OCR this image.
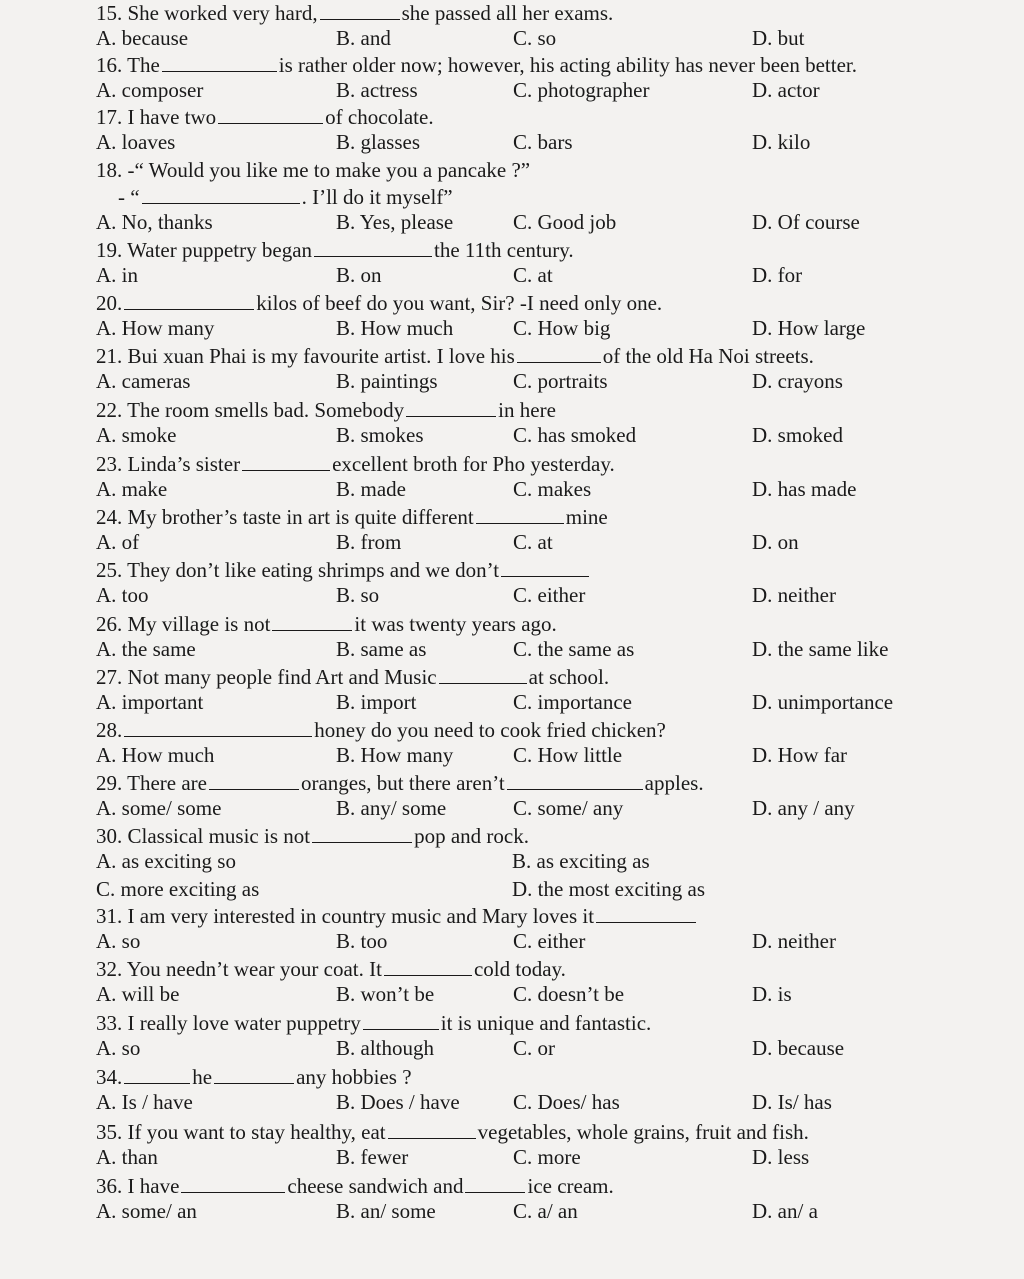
15. She worked very hard,	she passed all her exams.
A. because	B. and	C. so	D. but
16. The	is rather older now; however, his acting ability has never been better.
A. composer	B. actress	C. photographer	D. actor
17. I have two	of chocolate.
A. loaves	B. glasses	C. bars	D. kilo
18. -“ Would you like me to make you a pancake ?”
- “	. I’ll do it myself”
A. No, thanks	B. Yes, please	C. Good job	D. Of course
19. Water puppetry began	the 11th century.
A. in	B. on	C. at	D. for
20.	kilos of beef do you want, Sir? -I need only one.
A. How many	B. How much	C. How big	D. How large
21. Bui xuan Phai is my favourite artist. I love his	of the old Ha Noi streets.
A. cameras	B. paintings	C. portraits	D. crayons
22. The room smells bad. Somebody	in here
A. smoke	B. smokes	C. has smoked	D. smoked
23. Linda’s sister	excellent broth for Pho yesterday.
A. make	B. made	C. makes	D. has made
24. My brother’s taste in art is quite different	mine
A. of	B. from	C. at	D. on
25. They don’t like eating shrimps and we don’t
A. too	B. so	C. either	D. neither
26. My village is not	it was twenty years ago.
A. the same	B. same as	C. the same as	D. the same like
27. Not many people find Art and Music	at school.
A. important	B. import	C. importance	D. unimportance
28.	honey do you need to cook fried chicken?
A. How much	B. How many	C. How little	D. How far
29. There are	oranges, but there aren’t	apples.
A. some/ some	B. any/ some	C. some/ any	D. any / any
30. Classical music is not	pop and rock.
A. as exciting so	B. as exciting as
C. more exciting as	D. the most exciting as
31. I am very interested in country music and Mary loves it
A. so	B. too	C. either	D. neither
32. You needn’t wear your coat. It	cold today.
A. will be	B. won’t be	C. doesn’t be	D. is
33. I really love water puppetry	it is unique and fantastic.
A. so	B. although	C. or	D. because
34.	he	any hobbies ?
A. Is / have	B. Does / have	C. Does/ has	D. Is/ has
35. If you want to stay healthy, eat	vegetables, whole grains, fruit and fish.
A. than	B. fewer	C. more	D. less
36. I have	cheese sandwich and	ice cream.
A. some/ an	B. an/ some	C. a/ an	D. an/ a
